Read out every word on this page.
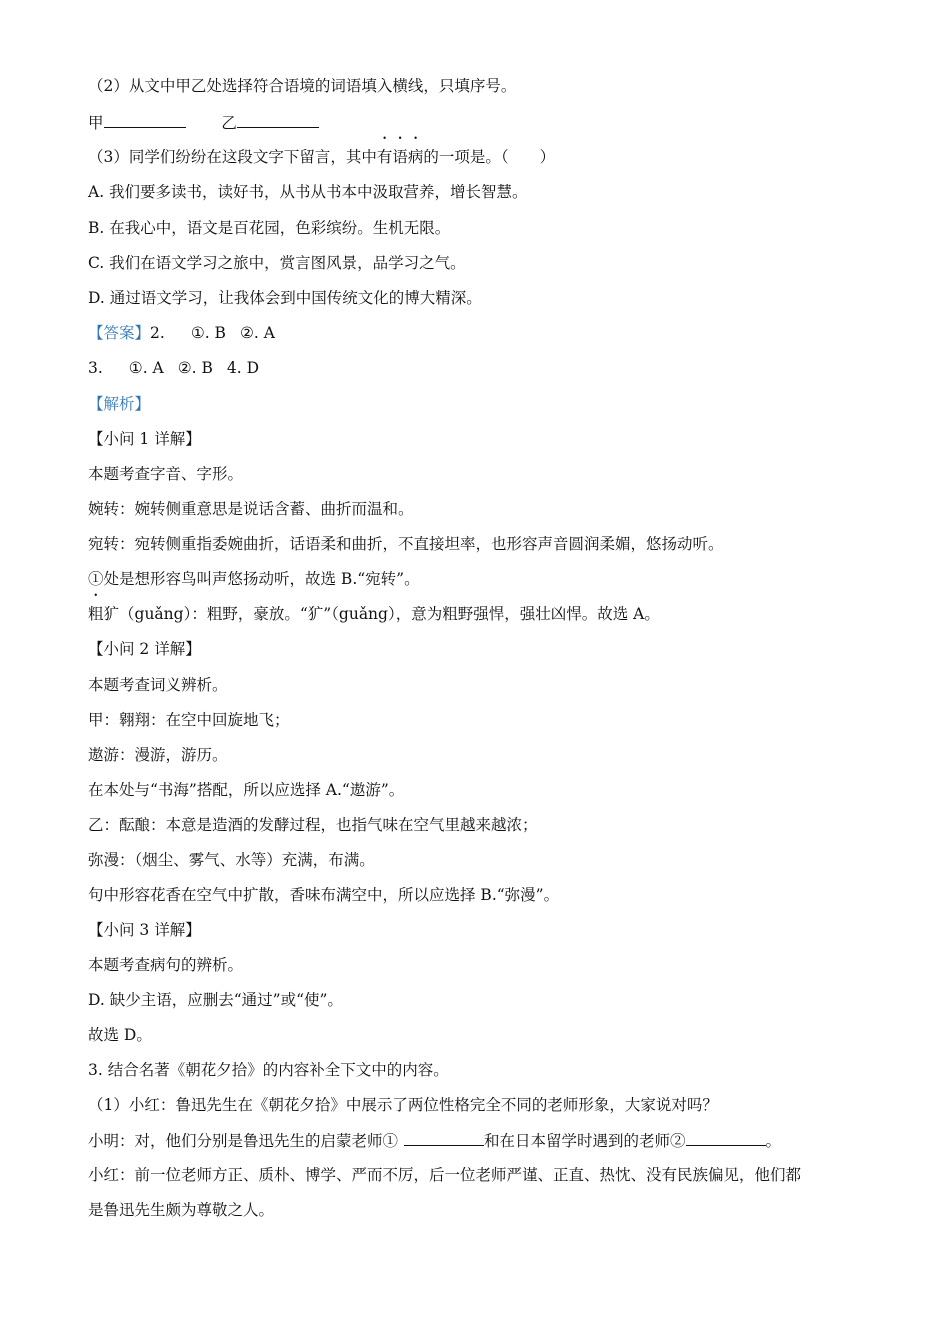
（2）从文中甲乙处选择符合语境的词语填入横线，只填序号。
甲	乙
（3）同学们纷纷在这段文字下留言，其中有语病的一项是。（　　）
A. 我们要多读书，读好书，从书从书本中汲取营养，增长智慧。
B. 在我心中，语文是百花园，色彩缤纷。生机无限。
C. 我们在语文学习之旅中，赏言图风景，品学习之气。
D. 通过语文学习，让我体会到中国传统文化的博大精深。
【答案】2. ①. B ②. A
3. ①. A ②. B 4. D
【解析】
【小问 1 详解】
本题考查字音、字形。
婉转：婉转侧重意思是说话含蓄、曲折而温和。
宛转：宛转侧重指委婉曲折，话语柔和曲折，不直接坦率，也形容声音圆润柔媚，悠扬动听。
①处是想形容鸟叫声悠扬动听，故选 B.“宛转”。
粗犷（guǎng）：粗野，豪放。“犷”（guǎng），意为粗野强悍，强壮凶悍。故选 A。
【小问 2 详解】
本题考查词义辨析。
甲：翱翔：在空中回旋地飞；
遨游：漫游，游历。
在本处与“书海”搭配，所以应选择 A.“遨游”。
乙：酝酿：本意是造酒的发酵过程，也指气味在空气里越来越浓；
弥漫：（烟尘、雾气、水等）充满，布满。
句中形容花香在空气中扩散，香味布满空中，所以应选择 B.“弥漫”。
【小问 3 详解】
本题考查病句的辨析。
D. 缺少主语，应删去“通过”或“使”。
故选 D。
3. 结合名著《朝花夕拾》的内容补全下文中的内容。
（1）小红：鲁迅先生在《朝花夕拾》中展示了两位性格完全不同的老师形象，大家说对吗？
小明：对，他们分别是鲁迅先生的启蒙老师①	和在日本留学时遇到的老师②	。
小红：前一位老师方正、质朴、博学、严而不厉，后一位老师严谨、正直、热忱、没有民族偏见，他们都
是鲁迅先生颇为尊敬之人。
